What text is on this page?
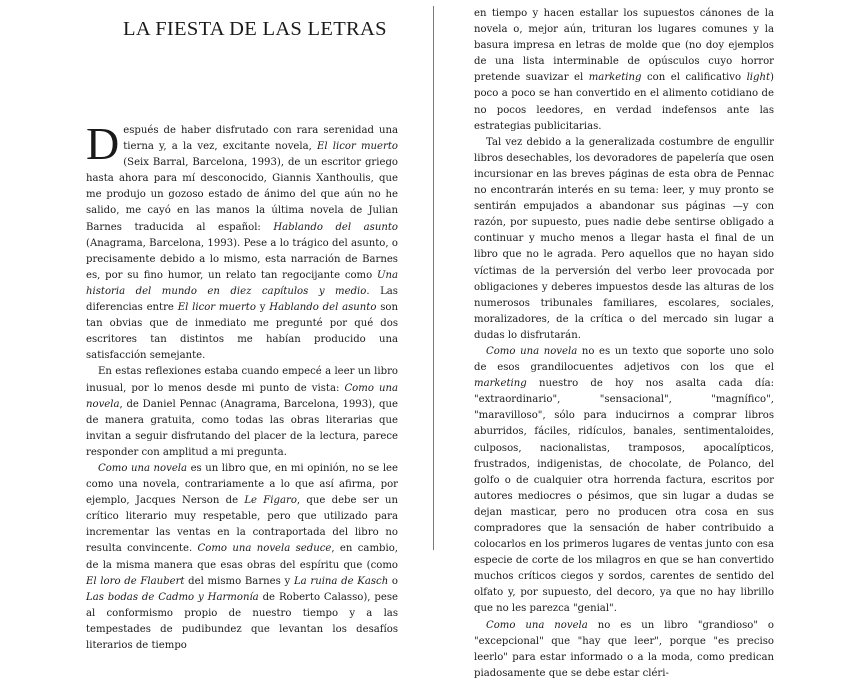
LA FIESTA DE LAS LETRAS

Después de haber disfrutado con rara serenidad una tierna y, a la vez, excitante novela, El licor muerto (Seix Barral, Barcelona, 1993), de un escritor griego hasta ahora para mí desconocido, Giannis Xanthoulis, que me produjo un gozoso estado de ánimo del que aún no he salido, me cayó en las manos la última novela de Julian Barnes traducida al español: Hablando del asunto (Anagrama, Barcelona, 1993). Pese a lo trágico del asunto, o precisamente debido a lo mismo, esta narración de Barnes es, por su fino humor, un relato tan regocijante como Una historia del mundo en diez capítulos y medio. Las diferencias entre El licor muerto y Hablando del asunto son tan obvias que de inmediato me pregunté por qué dos escritores tan distintos me habían producido una satisfacción semejante.

En estas reflexiones estaba cuando empecé a leer un libro inusual, por lo menos desde mi punto de vista: Como una novela, de Daniel Pennac (Anagrama, Barcelona, 1993), que de manera gratuita, como todas las obras literarias que invitan a seguir disfrutando del placer de la lectura, parece responder con amplitud a mi pregunta.

Como una novela es un libro que, en mi opinión, no se lee como una novela, contrariamente a lo que así afirma, por ejemplo, Jacques Nerson de Le Figaro, que debe ser un crítico literario muy respetable, pero que utilizado para incrementar las ventas en la contraportada del libro no resulta convincente. Como una novela seduce, en cambio, de la misma manera que esas obras del espíritu que (como El loro de Flaubert del mismo Barnes y La ruina de Kasch o Las bodas de Cadmo y Harmonía de Roberto Calasso), pese al conformismo propio de nuestro tiempo y a las tempestades de pudibundez que levantan los desafíos literarios de tiempo

en tiempo y hacen estallar los supuestos cánones de la novela o, mejor aún, trituran los lugares comunes y la basura impresa en letras de molde que (no doy ejemplos de una lista interminable de opúsculos cuyo horror pretende suavizar el marketing con el calificativo light) poco a poco se han convertido en el alimento cotidiano de no pocos leedores, en verdad indefensos ante las estrategias publicitarias.

Tal vez debido a la generalizada costumbre de engullir libros desechables, los devoradores de papelería que osen incursionar en las breves páginas de esta obra de Pennac no encontrarán interés en su tema: leer, y muy pronto se sentirán empujados a abandonar sus páginas —y con razón, por supuesto, pues nadie debe sentirse obligado a continuar y mucho menos a llegar hasta el final de un libro que no le agrada. Pero aquellos que no hayan sido víctimas de la perversión del verbo leer provocada por obligaciones y deberes impuestos desde las alturas de los numerosos tribunales familiares, escolares, sociales, moralizadores, de la crítica o del mercado sin lugar a dudas lo disfrutarán.

Como una novela no es un texto que soporte uno solo de esos grandilocuentes adjetivos con los que el marketing nuestro de hoy nos asalta cada día: "extraordinario", "sensacional", "magnífico", "maravilloso", sólo para inducirnos a comprar libros aburridos, fáciles, ridículos, banales, sentimentaloides, culposos, nacionalistas, tramposos, apocalípticos, frustrados, indigenistas, de chocolate, de Polanco, del golfo o de cualquier otra horrenda factura, escritos por autores mediocres o pésimos, que sin lugar a dudas se dejan masticar, pero no producen otra cosa en sus compradores que la sensación de haber contribuido a colocarlos en los primeros lugares de ventas junto con esa especie de corte de los milagros en que se han convertido muchos críticos ciegos y sordos, carentes de sentido del olfato y, por supuesto, del decoro, ya que no hay librillo que no les parezca "genial".

Como una novela no es un libro "grandioso" o "excepcional" que "hay que leer", porque "es preciso leerlo" para estar informado o a la moda, como predican piadosamente que se debe estar cléri-
